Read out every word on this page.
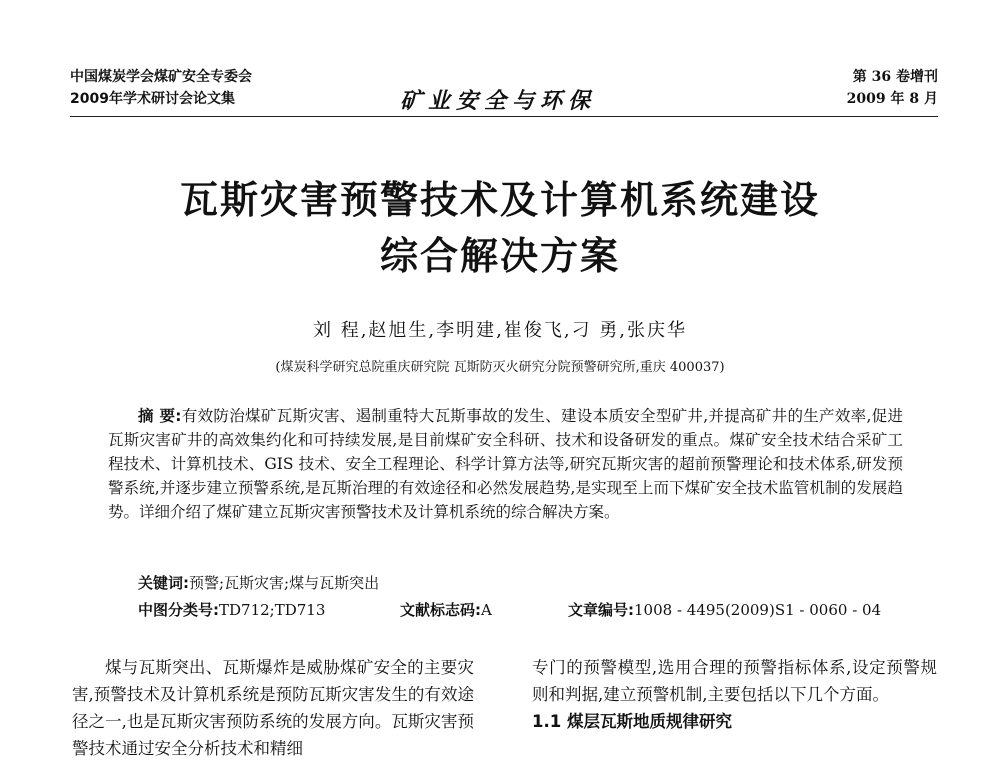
中国煤炭学会煤矿安全专委会
2009年学术研讨会论文集	矿业安全与环保
第 36 卷增刊
2009 年 8 月
瓦斯灾害预警技术及计算机系统建设
综合解决方案
刘 程,赵旭生,李明建,崔俊飞,刁 勇,张庆华
(煤炭科学研究总院重庆研究院 瓦斯防灭火研究分院预警研究所,重庆 400037)
摘 要:有效防治煤矿瓦斯灾害、遏制重特大瓦斯事故的发生、建设本质安全型矿井,并提高矿井的生产效率,促进瓦斯灾害矿井的高效集约化和可持续发展,是目前煤矿安全科研、技术和设备研发的重点。煤矿安全技术结合采矿工程技术、计算机技术、GIS 技术、安全工程理论、科学计算方法等,研究瓦斯灾害的超前预警理论和技术体系,研发预警系统,并逐步建立预警系统,是瓦斯治理的有效途径和必然发展趋势,是实现至上而下煤矿安全技术监管机制的发展趋势。详细介绍了煤矿建立瓦斯灾害预警技术及计算机系统的综合解决方案。
关键词:预警;瓦斯灾害;煤与瓦斯突出
中图分类号:TD712;TD713	文献标志码:A	文章编号:1008 - 4495(2009)S1 - 0060 - 04
煤与瓦斯突出、瓦斯爆炸是威胁煤矿安全的主要灾害,预警技术及计算机系统是预防瓦斯灾害发生的有效途径之一,也是瓦斯灾害预防系统的发展方向。瓦斯灾害预警技术通过安全分析技术和精细
专门的预警模型,选用合理的预警指标体系,设定预警规则和判据,建立预警机制,主要包括以下几个方面。
1.1 煤层瓦斯地质规律研究
